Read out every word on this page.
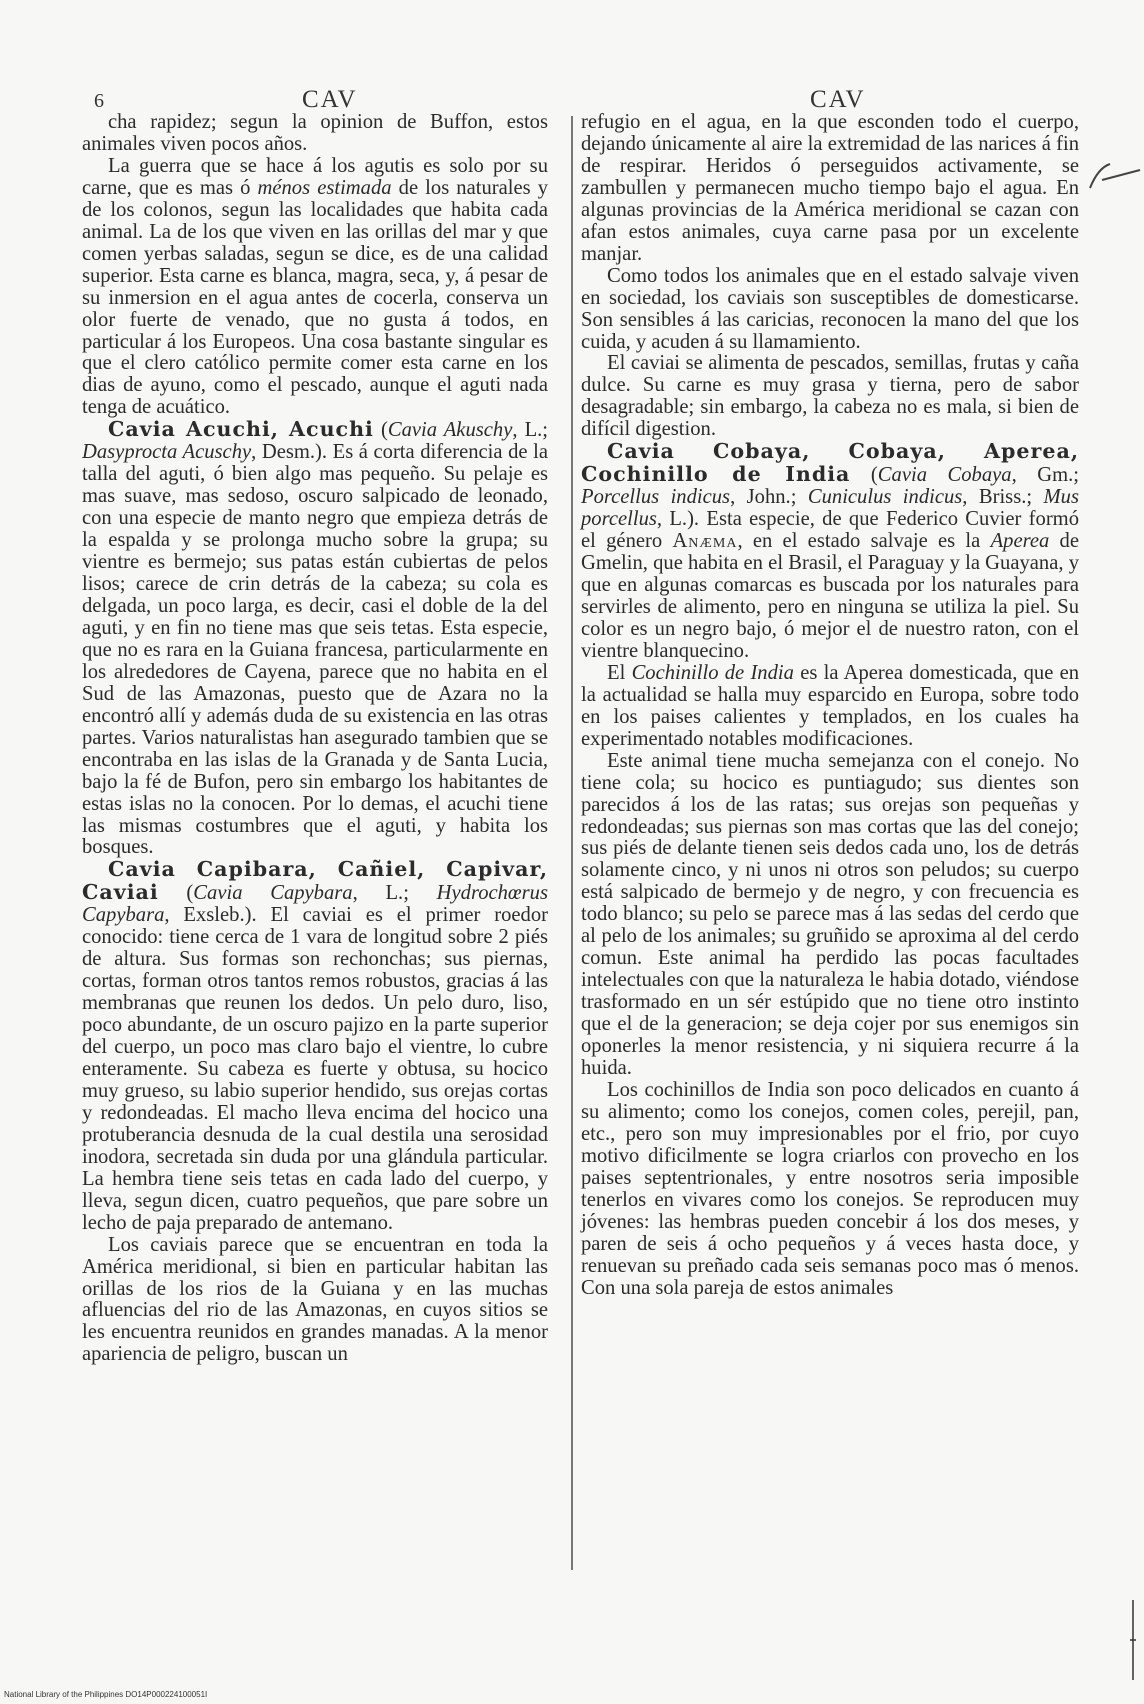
6	CAV	CAV

cha rapidez; segun la opinion de Buffon, estos animales viven pocos años.

La guerra que se hace á los agutis es solo por su carne, que es mas ó ménos estimada de los naturales y de los colonos, segun las localidades que habita cada animal. La de los que viven en las orillas del mar y que comen yerbas saladas, segun se dice, es de una calidad superior. Esta carne es blanca, magra, seca, y, á pesar de su inmersion en el agua antes de cocerla, conserva un olor fuerte de venado, que no gusta á todos, en particular á los Europeos. Una cosa bastante singular es que el clero católico permite comer esta carne en los dias de ayuno, como el pescado, aunque el aguti nada tenga de acuático.

Cavia Acuchi, Acuchi (Cavia Akuschy, L.; Dasyprocta Acuschy, Desm.). Es á corta diferencia de la talla del aguti, ó bien algo mas pequeño. Su pelaje es mas suave, mas sedoso, oscuro salpicado de leonado, con una especie de manto negro que empieza detrás de la espalda y se prolonga mucho sobre la grupa; su vientre es bermejo; sus patas están cubiertas de pelos lisos; carece de crin detrás de la cabeza; su cola es delgada, un poco larga, es decir, casi el doble de la del aguti, y en fin no tiene mas que seis tetas. Esta especie, que no es rara en la Guiana francesa, particularmente en los alrededores de Cayena, parece que no habita en el Sud de las Amazonas, puesto que de Azara no la encontró allí y además duda de su existencia en las otras partes. Varios naturalistas han asegurado tambien que se encontraba en las islas de la Granada y de Santa Lucia, bajo la fé de Bufon, pero sin embargo los habitantes de estas islas no la conocen. Por lo demas, el acuchi tiene las mismas costumbres que el aguti, y habita los bosques.

Cavia Capibara, Cañiel, Capivar, Caviai (Cavia Capybara, L.; Hydrochœrus Capybara, Exsleb.). El caviai es el primer roedor conocido: tiene cerca de 1 vara de longitud sobre 2 piés de altura. Sus formas son rechonchas; sus piernas, cortas, forman otros tantos remos robustos, gracias á las membranas que reunen los dedos. Un pelo duro, liso, poco abundante, de un oscuro pajizo en la parte superior del cuerpo, un poco mas claro bajo el vientre, lo cubre enteramente. Su cabeza es fuerte y obtusa, su hocico muy grueso, su labio superior hendido, sus orejas cortas y redondeadas. El macho lleva encima del hocico una protuberancia desnuda de la cual destila una serosidad inodora, secretada sin duda por una glándula particular. La hembra tiene seis tetas en cada lado del cuerpo, y lleva, segun dicen, cuatro pequeños, que pare sobre un lecho de paja preparado de antemano.

Los caviais parece que se encuentran en toda la América meridional, si bien en particular habitan las orillas de los rios de la Guiana y en las muchas afluencias del rio de las Amazonas, en cuyos sitios se les encuentra reunidos en grandes manadas. A la menor apariencia de peligro, buscan un

refugio en el agua, en la que esconden todo el cuerpo, dejando únicamente al aire la extremidad de las narices á fin de respirar. Heridos ó perseguidos activamente, se zambullen y permanecen mucho tiempo bajo el agua. En algunas provincias de la América meridional se cazan con afan estos animales, cuya carne pasa por un excelente manjar.

Como todos los animales que en el estado salvaje viven en sociedad, los caviais son susceptibles de domesticarse. Son sensibles á las caricias, reconocen la mano del que los cuida, y acuden á su llamamiento.

El caviai se alimenta de pescados, semillas, frutas y caña dulce. Su carne es muy grasa y tierna, pero de sabor desagradable; sin embargo, la cabeza no es mala, si bien de difícil digestion.

Cavia Cobaya, Cobaya, Aperea, Cochinillo de India (Cavia Cobaya, Gm.; Porcellus indicus, John.; Cuniculus indicus, Briss.; Mus porcellus, L.). Esta especie, de que Federico Cuvier formó el género Anæma, en el estado salvaje es la Aperea de Gmelin, que habita en el Brasil, el Paraguay y la Guayana, y que en algunas comarcas es buscada por los naturales para servirles de alimento, pero en ninguna se utiliza la piel. Su color es un negro bajo, ó mejor el de nuestro raton, con el vientre blanquecino.

El Cochinillo de India es la Aperea domesticada, que en la actualidad se halla muy esparcido en Europa, sobre todo en los paises calientes y templados, en los cuales ha experimentado notables modificaciones.

Este animal tiene mucha semejanza con el conejo. No tiene cola; su hocico es puntiagudo; sus dientes son parecidos á los de las ratas; sus orejas son pequeñas y redondeadas; sus piernas son mas cortas que las del conejo; sus piés de delante tienen seis dedos cada uno, los de detrás solamente cinco, y ni unos ni otros son peludos; su cuerpo está salpicado de bermejo y de negro, y con frecuencia es todo blanco; su pelo se parece mas á las sedas del cerdo que al pelo de los animales; su gruñido se aproxima al del cerdo comun. Este animal ha perdido las pocas facultades intelectuales con que la naturaleza le habia dotado, viéndose trasformado en un sér estúpido que no tiene otro instinto que el de la generacion; se deja cojer por sus enemigos sin oponerles la menor resistencia, y ni siquiera recurre á la huida.

Los cochinillos de India son poco delicados en cuanto á su alimento; como los conejos, comen coles, perejil, pan, etc., pero son muy impresionables por el frio, por cuyo motivo dificilmente se logra criarlos con provecho en los paises septentrionales, y entre nosotros seria imposible tenerlos en vivares como los conejos. Se reproducen muy jóvenes: las hembras pueden concebir á los dos meses, y paren de seis á ocho pequeños y á veces hasta doce, y renuevan su preñado cada seis semanas poco mas ó menos. Con una sola pareja de estos animales

National Library of the Philippines DO14P000224100051I
